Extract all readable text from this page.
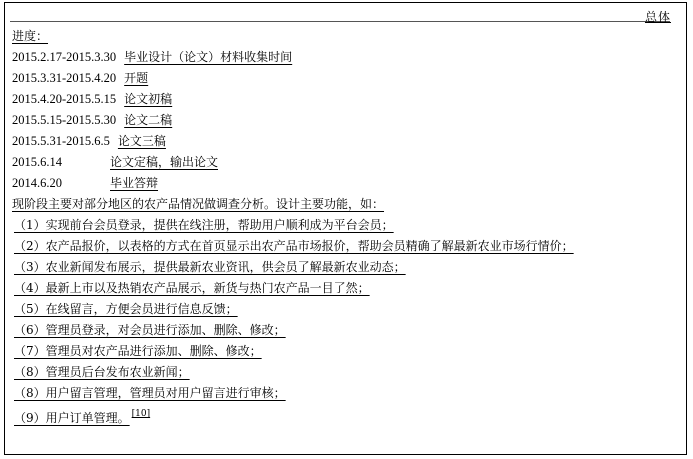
总体
进度：
2015.2.17-2015.3.30 毕业设计（论文）材料收集时间
2015.3.31-2015.4.20 开题
2015.4.20-2015.5.15 论文初稿
2015.5.15-2015.5.30 论文二稿
2015.5.31-2015.6.5 论文三稿
2015.6.14	论文定稿，输出论文
2014.6.20	毕业答辩
现阶段主要对部分地区的农产品情况做调查分析。设计主要功能，如：
（1）实现前台会员登录，提供在线注册，帮助用户顺利成为平台会员；
（2）农产品报价，以表格的方式在首页显示出农产品市场报价，帮助会员精确了解最新农业市场行情价；
（3）农业新闻发布展示，提供最新农业资讯，供会员了解最新农业动态；
（4）最新上市以及热销农产品展示，新货与热门农产品一目了然；
（5）在线留言，方便会员进行信息反馈；
（6）管理员登录，对会员进行添加、删除、修改；
（7）管理员对农产品进行添加、删除、修改；
（8）管理员后台发布农业新闻；
（8）用户留言管理，管理员对用户留言进行审核；
（9）用户订单管理。 [10]
